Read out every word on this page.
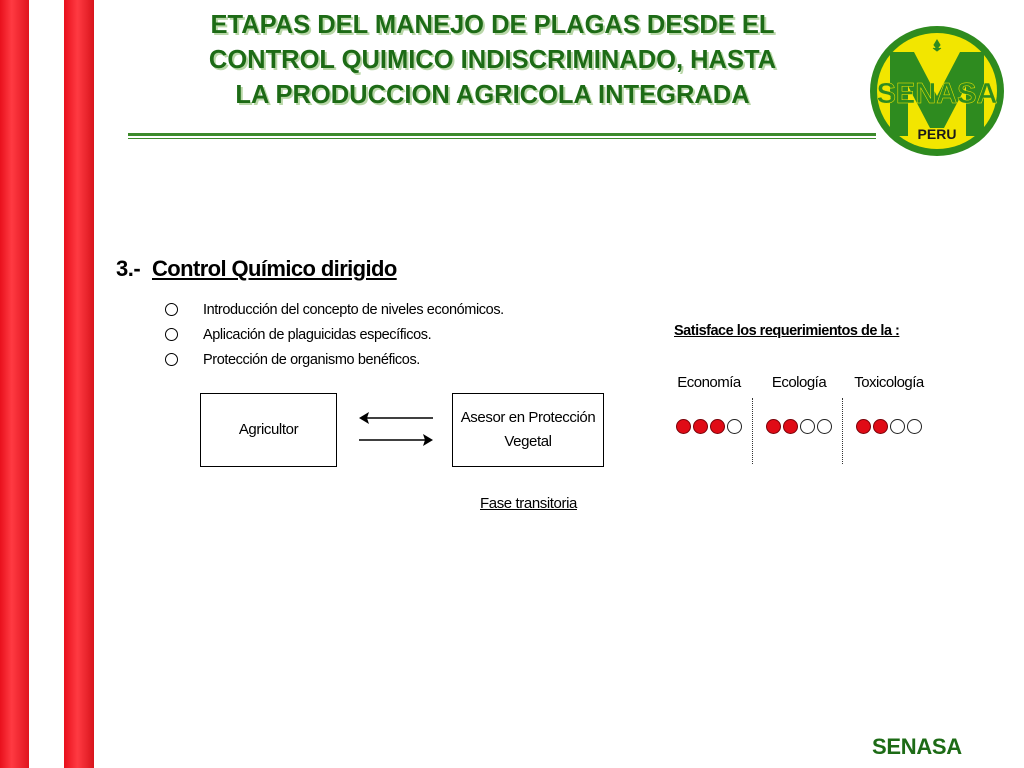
ETAPAS DEL MANEJO DE PLAGAS DESDE EL
CONTROL QUIMICO INDISCRIMINADO, HASTA
LA PRODUCCION AGRICOLA INTEGRADA	SENASA
PERU
3.- Control Químico dirigido
Introducción del concepto de niveles económicos.
Aplicación de plaguicidas específicos.
Protección de organismo benéficos.
Agricultor
Asesor en Protección
Vegetal
Fase transitoria
Satisface los requerimientos de la :
Economía	Ecología	Toxicología
SENASA
